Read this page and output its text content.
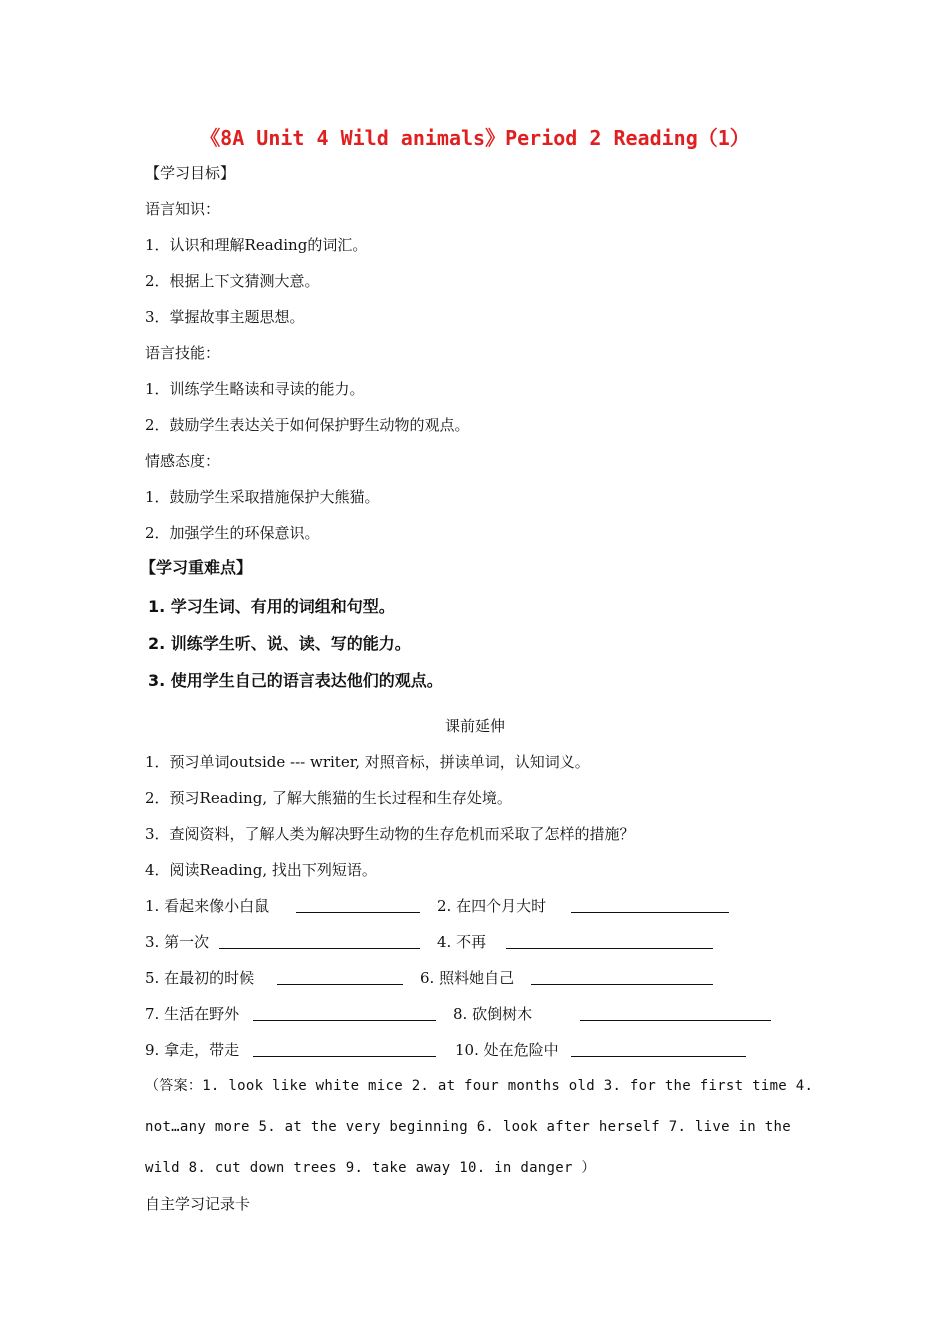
《8A Unit 4 Wild animals》Period 2 Reading（1）
【学习目标】
语言知识：
1．认识和理解Reading的词汇。
2．根据上下文猜测大意。
3．掌握故事主题思想。
语言技能：
1．训练学生略读和寻读的能力。
2．鼓励学生表达关于如何保护野生动物的观点。
情感态度：
1．鼓励学生采取措施保护大熊猫。
2．加强学生的环保意识。
【学习重难点】
1. 学习生词、有用的词组和句型。
2. 训练学生听、说、读、写的能力。
3. 使用学生自己的语言表达他们的观点。
课前延伸
1．预习单词outside --- writer, 对照音标，拼读单词，认知词义。
2．预习Reading, 了解大熊猫的生长过程和生存处境。
3．查阅资料，了解人类为解决野生动物的生存危机而采取了怎样的措施？
4．阅读Reading, 找出下列短语。
1. 看起来像小白鼠	2. 在四个月大时
3. 第一次	4. 不再
5. 在最初的时候	6. 照料她自己
7. 生活在野外	8. 砍倒树木
9. 拿走，带走	10. 处在危险中
（答案：1. look like white mice 2. at four months old 3. for the first time 4.
not…any more 5. at the very beginning 6. look after herself 7. live in the
wild 8. cut down trees 9. take away 10. in danger ）
自主学习记录卡
